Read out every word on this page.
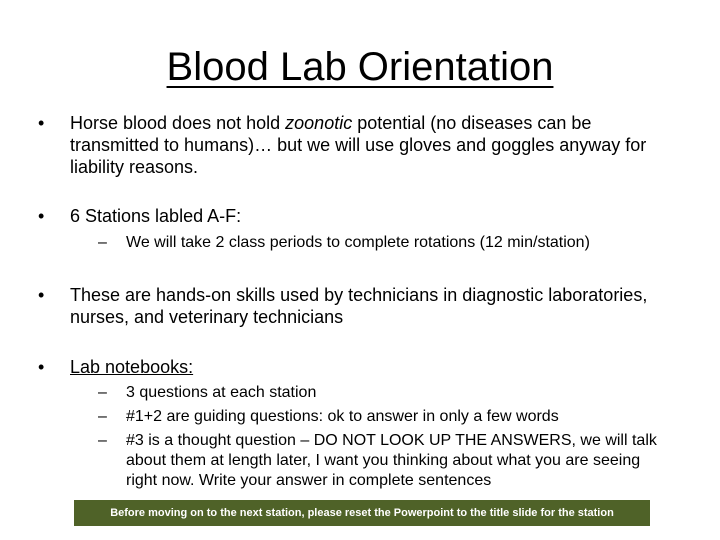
Blood Lab Orientation
• Horse blood does not hold zoonotic potential (no diseases can be transmitted to humans)… but we will use gloves and goggles anyway for liability reasons.
• 6 Stations labled A-F:
– We will take 2 class periods to complete rotations (12 min/station)
• These are hands-on skills used by technicians in diagnostic laboratories, nurses, and veterinary technicians
• Lab notebooks:
– 3 questions at each station
– #1+2 are guiding questions: ok to answer in only a few words
– #3 is a thought question – DO NOT LOOK UP THE ANSWERS, we will talk about them at length later, I want you thinking about what you are seeing right now. Write your answer in complete sentences
Before moving on to the next station, please reset the Powerpoint to the title slide for the station
